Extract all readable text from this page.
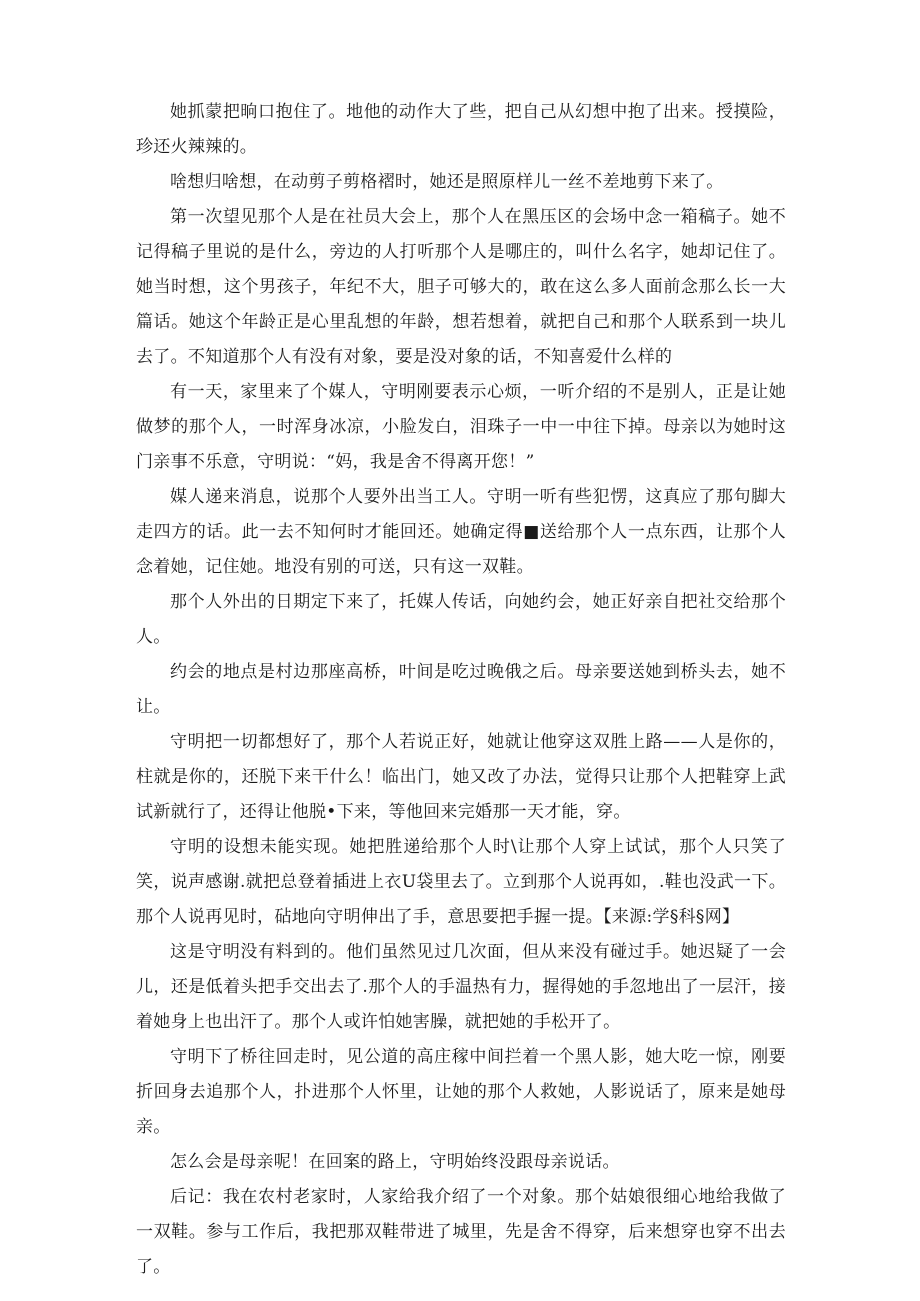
她抓蒙把晌口抱住了。地他的动作大了些，把自己从幻想中抱了出来。授摸险，珍还火辣辣的。

啥想归啥想，在动剪子剪格褶时，她还是照原样儿一丝不差地剪下来了。

第一次望见那个人是在社员大会上，那个人在黑压区的会场中念一箱稿子。她不记得稿子里说的是什么，旁边的人打听那个人是哪庄的，叫什么名字，她却记住了。她当时想，这个男孩子，年纪不大，胆子可够大的，敢在这么多人面前念那么长一大篇话。她这个年龄正是心里乱想的年龄，想若想着，就把自己和那个人联系到一块儿去了。不知道那个人有没有对象，要是没对象的话，不知喜爱什么样的

有一天，家里来了个媒人，守明刚要表示心烦，一听介绍的不是别人，正是让她做梦的那个人，一时浑身冰凉，小脸发白，泪珠子一中一中往下掉。母亲以为她时这门亲事不乐意，守明说：“妈，我是舍不得离开您！”

媒人递来消息，说那个人要外出当工人。守明一听有些犯愣，这真应了那句脚大走四方的话。此一去不知何时才能回还。她确定得■送给那个人一点东西，让那个人念着她，记住她。地没有别的可送，只有这一双鞋。

那个人外出的日期定下来了，托媒人传话，向她约会，她正好亲自把社交给那个人。

约会的地点是村边那座高桥，叶间是吃过晚俄之后。母亲要送她到桥头去，她不让。

守明把一切都想好了，那个人若说正好，她就让他穿这双胜上路——人是你的，柱就是你的，还脱下来干什么！临出门，她又改了办法，觉得只让那个人把鞋穿上武试新就行了，还得让他脱•下来，等他回来完婚那一天才能，穿。

守明的设想未能实现。她把胜递给那个人时\让那个人穿上试试，那个人只笑了笑，说声感谢.就把总登着插进上衣U袋里去了。立到那个人说再如，.鞋也没武一下。那个人说再见时，砧地向守明伸出了手，意思要把手握一提。【来源:学§科§网】

这是守明没有料到的。他们虽然见过几次面，但从来没有碰过手。她迟疑了一会儿，还是低着头把手交出去了.那个人的手温热有力，握得她的手忽地出了一层汗，接着她身上也出汗了。那个人或许怕她害臊，就把她的手松开了。

守明下了桥往回走时，见公道的高庄稼中间拦着一个黑人影，她大吃一惊，刚要折回身去追那个人，扑进那个人怀里，让她的那个人救她，人影说话了，原来是她母亲。

怎么会是母亲呢！在回案的路上，守明始终没跟母亲说话。

后记：我在农村老家时，人家给我介绍了一个对象。那个姑娘很细心地给我做了一双鞋。参与工作后，我把那双鞋带进了城里，先是舍不得穿，后来想穿也穿不出去了。
